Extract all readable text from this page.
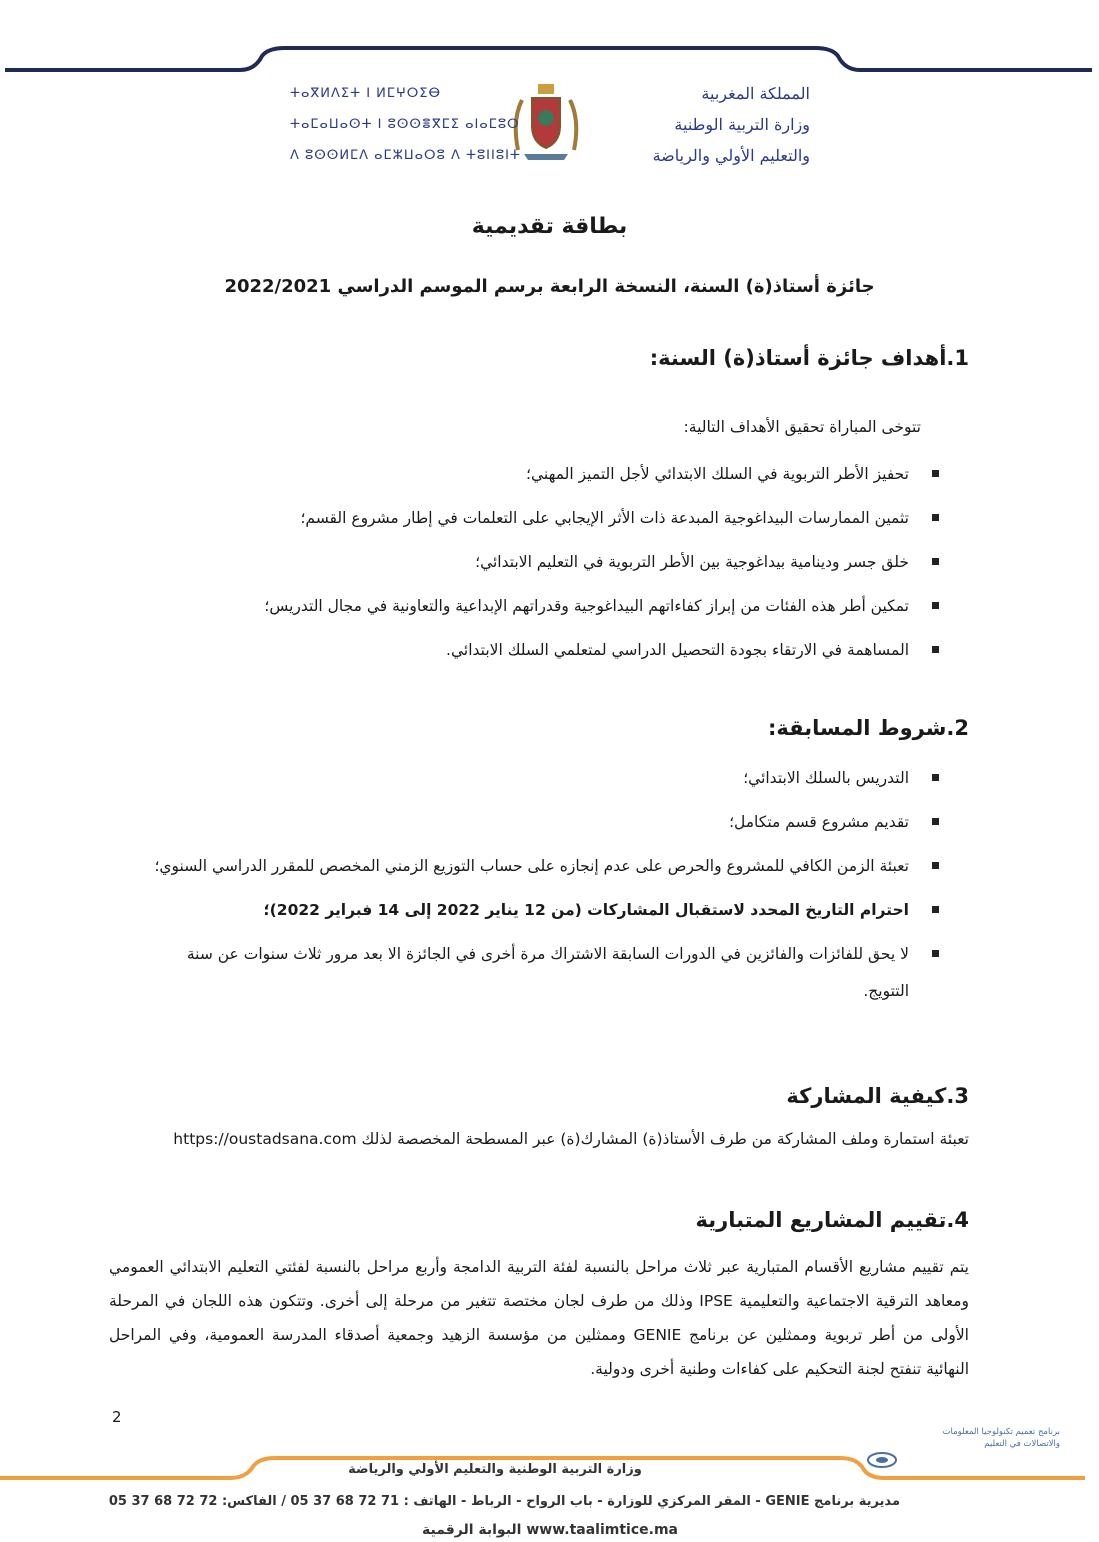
المملكة المغربية
وزارة التربية الوطنية
والتعليم الأولي والرياضة
ⵜⴰⴳⵍⴷⵉⵜ ⵏ ⵍⵎⵖⵔⵉⴱ
ⵜⴰⵎⴰⵡⴰⵙⵜ ⵏ ⵓⵙⵙⴻⴳⵎⵉ ⴰⵏⴰⵎⵓⵔ
ⴷ ⵓⵙⵙⵍⵎⴷ ⴰⵎⵣⵡⴰⵔⵓ ⴷ ⵜⵓⵏⵏⵓⵏⵜ
بطاقة تقديمية
جائزة أستاذ(ة) السنة، النسخة الرابعة برسم الموسم الدراسي 2022/2021
1.أهداف جائزة أستاذ(ة) السنة:
تتوخى المباراة تحقيق الأهداف التالية:
تحفيز الأطر التربوية في السلك الابتدائي لأجل التميز المهني؛
تثمين الممارسات البيداغوجية المبدعة ذات الأثر الإيجابي على التعلمات في إطار مشروع القسم؛
خلق جسر ودينامية بيداغوجية بين الأطر التربوية في التعليم الابتدائي؛
تمكين أطر هذه الفئات من إبراز كفاءاتهم البيداغوجية وقدراتهم الإبداعية والتعاونية في مجال التدريس؛
المساهمة في الارتقاء بجودة التحصيل الدراسي لمتعلمي السلك الابتدائي.
2.شروط المسابقة:
التدريس بالسلك الابتدائي؛
تقديم مشروع قسم متكامل؛
تعبئة الزمن الكافي للمشروع والحرص على عدم إنجازه على حساب التوزيع الزمني المخصص للمقرر الدراسي السنوي؛
احترام التاريخ المحدد لاستقبال المشاركات (من 12 يناير 2022 إلى 14 فبراير 2022)؛
لا يحق للفائزات والفائزين في الدورات السابقة الاشتراك مرة أخرى في الجائزة الا بعد مرور ثلاث سنوات عن سنة التتويج.
3.كيفية المشاركة
تعبئة استمارة وملف المشاركة من طرف الأستاذ(ة) المشارك(ة) عبر المسطحة المخصصة لذلك https://oustadsana.com
4.تقييم المشاريع المتبارية
يتم تقييم مشاريع الأقسام المتبارية عبر ثلاث مراحل بالنسبة لفئة التربية الدامجة وأربع مراحل بالنسبة لفئتي التعليم الابتدائي العمومي ومعاهد الترقية الاجتماعية والتعليمية IPSE وذلك من طرف لجان مختصة تتغير من مرحلة إلى أخرى. وتتكون هذه اللجان في المرحلة الأولى من أطر تربوية وممثلين عن برنامج GENIE وممثلين من مؤسسة الزهيد وجمعية أصدقاء المدرسة العمومية، وفي المراحل النهائية تنفتح لجنة التحكيم على كفاءات وطنية أخرى ودولية.
2
برنامج تعميم تكنولوجيا المعلومات
والاتصالات في التعليم
وزارة التربية الوطنية والتعليم الأولي والرياضة
مديرية برنامج GENIE - المقر المركزي للوزارة - باب الرواح - الرباط - الهاتف : 71 72 68 37 05 / الفاكس: 72 72 68 37 05
www.taalimtice.ma البوابة الرقمية
